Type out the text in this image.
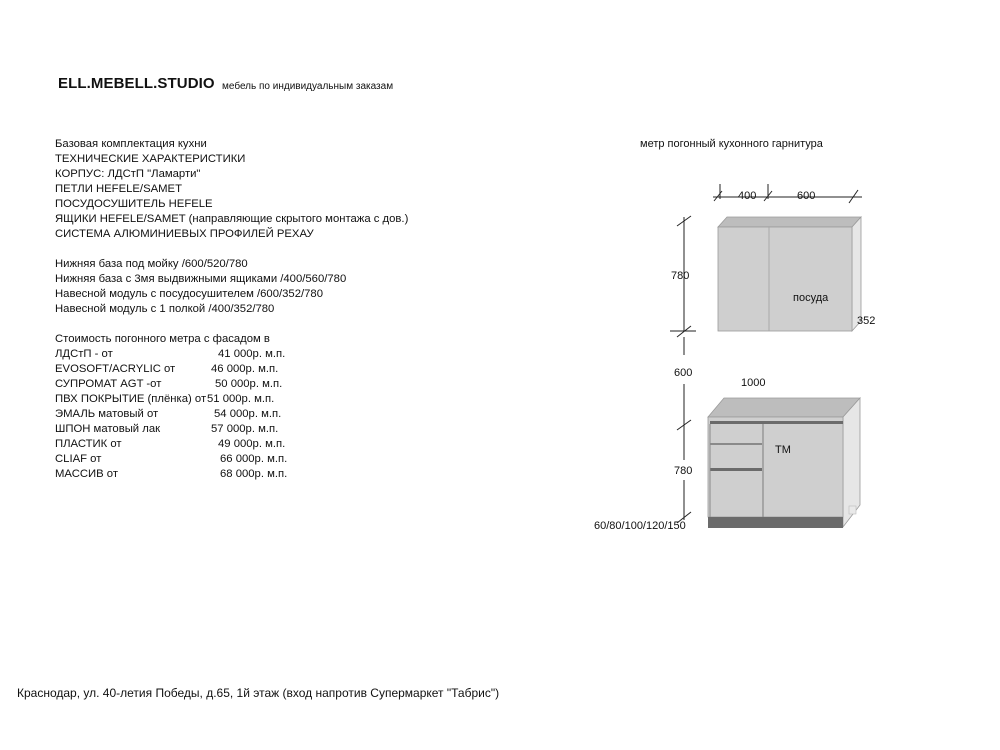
ELL.MEBELL.STUDIO мебель по индивидуальным заказам
Базовая комплектация кухни
ТЕХНИЧЕСКИЕ ХАРАКТЕРИСТИКИ
КОРПУС: ЛДСтП "Ламарти"
ПЕТЛИ HEFELE/SAMET
ПОСУДОСУШИТЕЛЬ HEFELE
ЯЩИКИ HEFELE/SAMET (направляющие скрытого монтажа с дов.)
СИСТЕМА АЛЮМИНИЕВЫХ ПРОФИЛЕЙ РЕХАУ
Нижняя база под мойку /600/520/780
Нижняя база с 3мя выдвижными ящиками /400/560/780
Навесной модуль с посудосушителем /600/352/780
Навесной модуль с 1 полкой /400/352/780
Стоимость погонного метра с фасадом в
ЛДСтП - от	41 000р. м.п.
EVOSOFT/ACRYLIC от	46 000р. м.п.
СУПРОМАТ AGT -от	50 000р. м.п.
ПВХ ПОКРЫТИЕ (плёнка) от 51 000р. м.п.
ЭМАЛЬ матовый от	54 000р. м.п.
ШПОН матовый лак	57 000р. м.п.
ПЛАСТИК от	49 000р. м.п.
CLIAF от	66 000р. м.п.
МАССИВ от	68 000р. м.п.
метр погонный кухонного гарнитура
400	600
780
посуда
352
600
1000
ТМ
780
60/80/100/120/150
Краснодар, ул. 40-летия Победы, д.65, 1й этаж (вход напротив Супермаркет "Табрис")
